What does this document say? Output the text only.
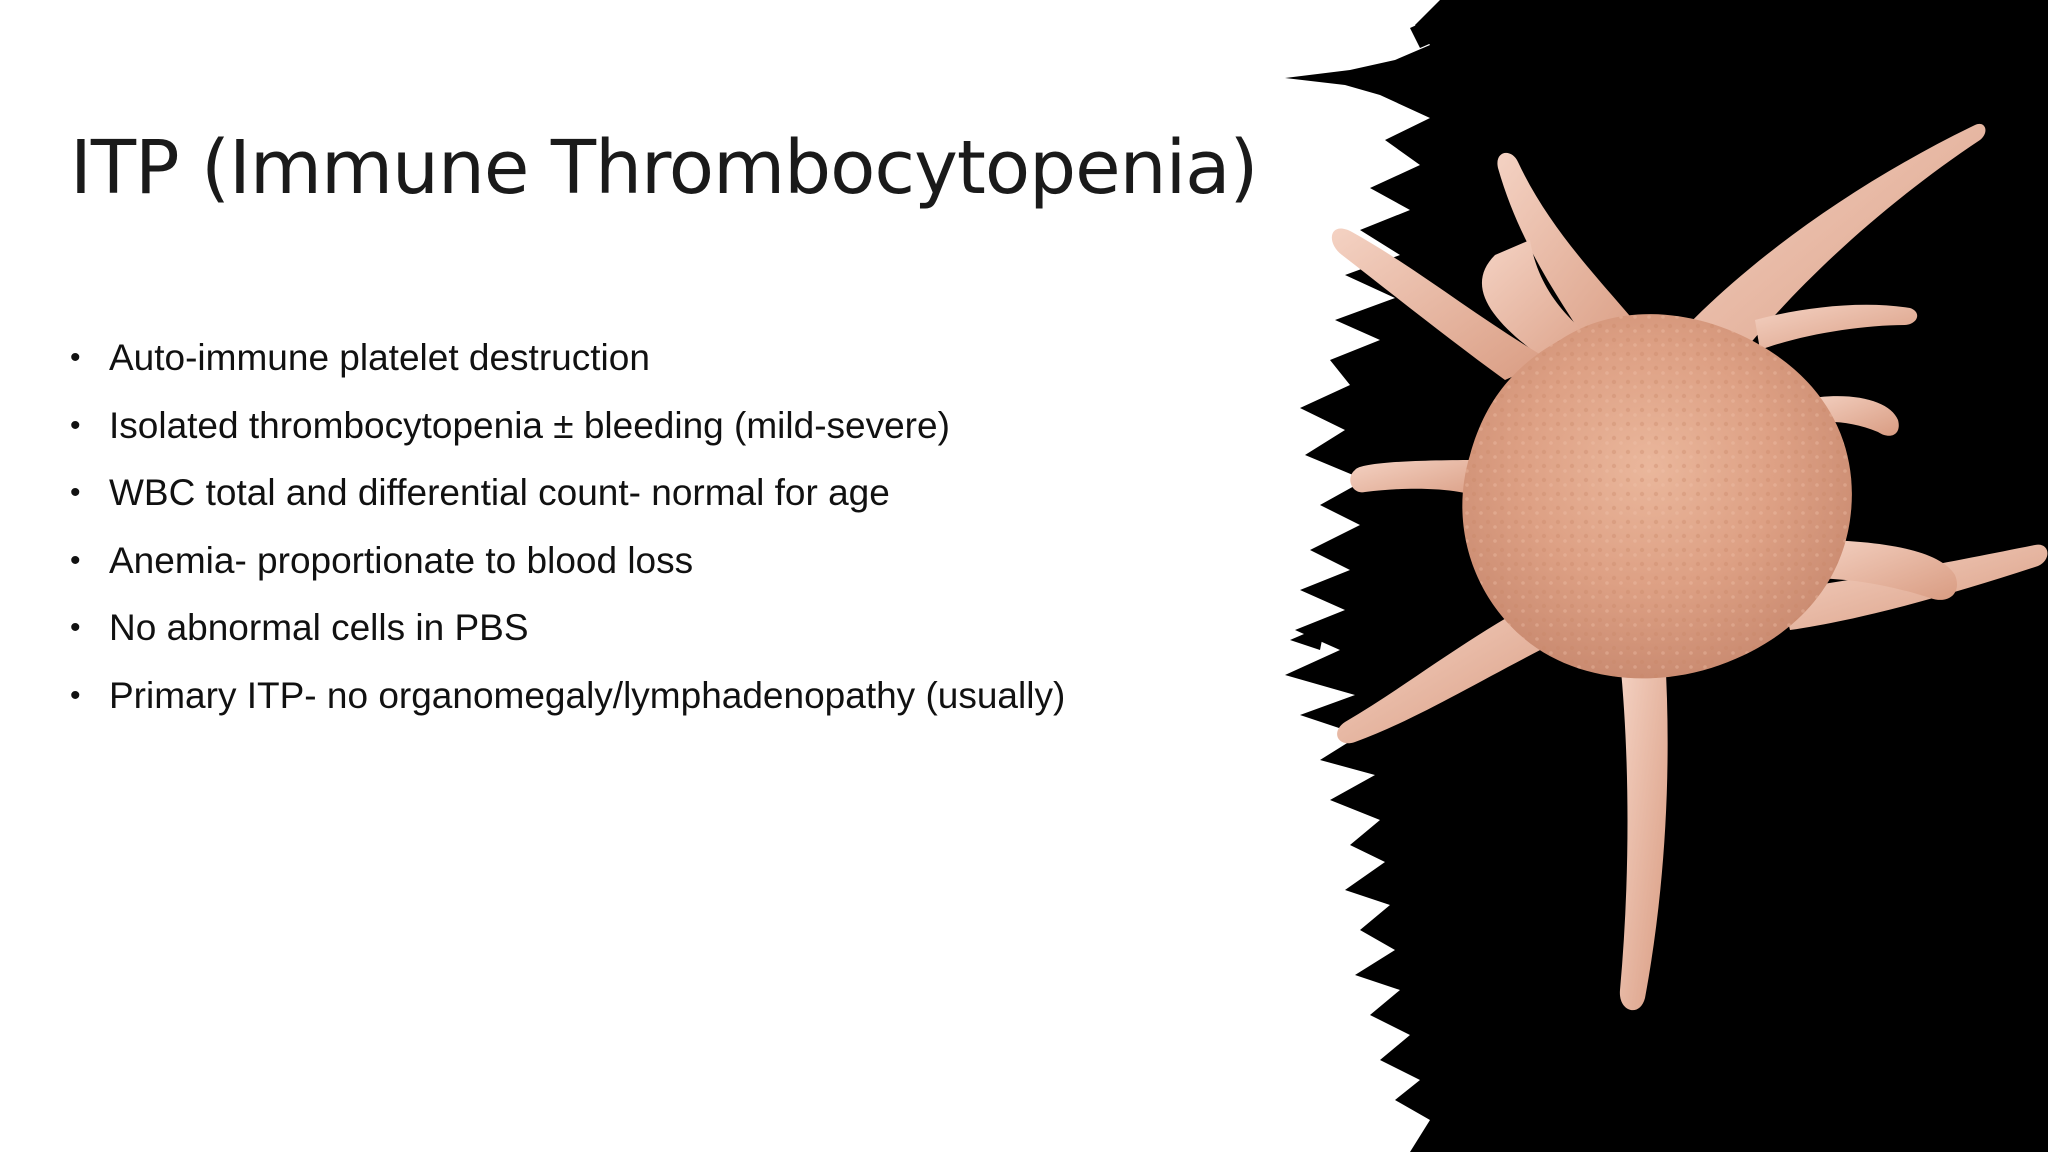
ITP (Immune Thrombocytopenia)
• Auto-immune platelet destruction
• Isolated thrombocytopenia ± bleeding (mild-severe)
• WBC total and differential count- normal for age
• Anemia- proportionate to blood loss
• No abnormal cells in PBS
• Primary ITP- no organomegaly/lymphadenopathy (usually)
